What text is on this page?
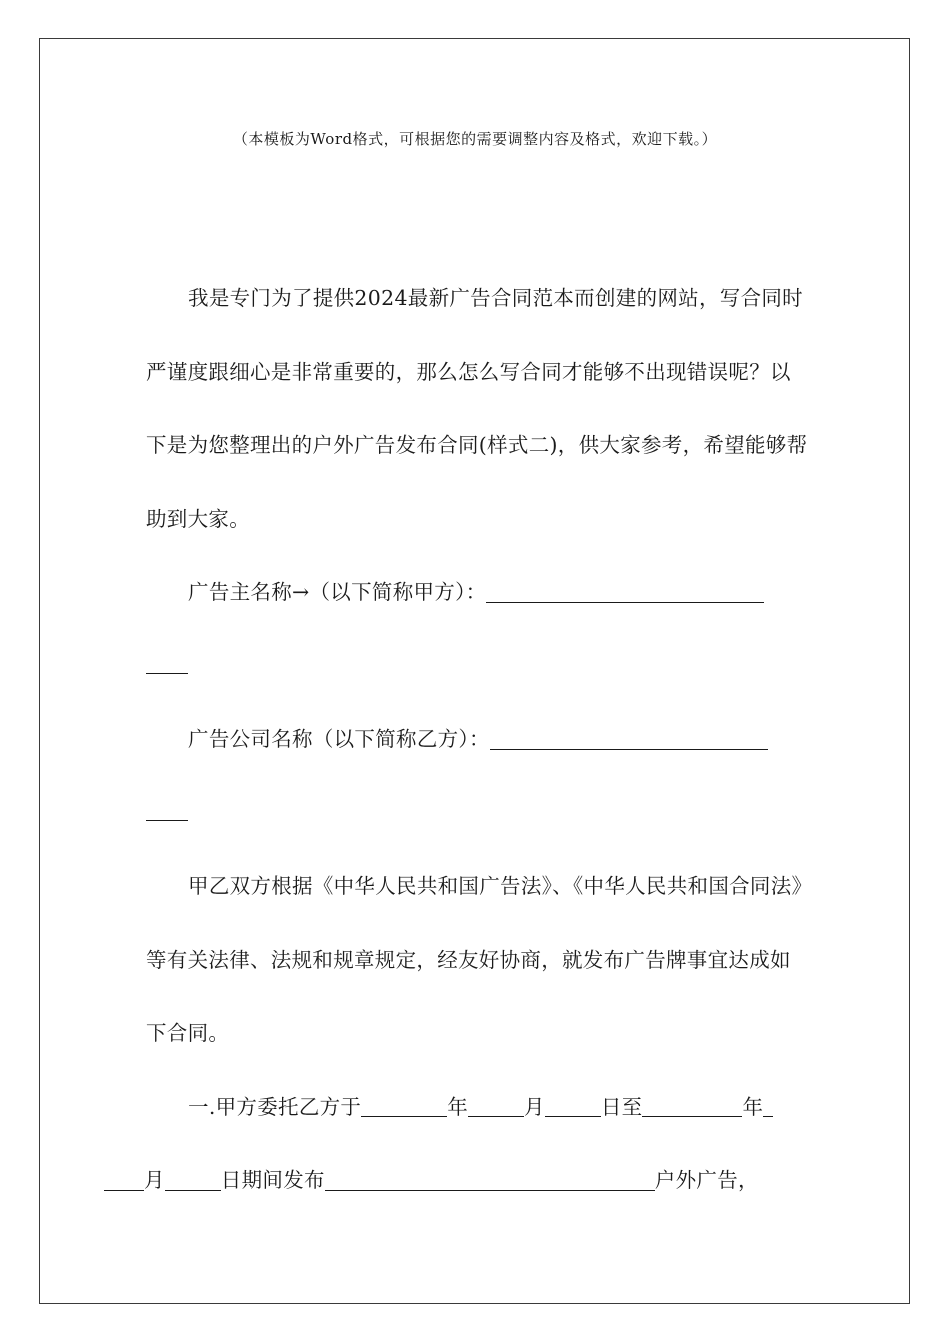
（本模板为Word格式，可根据您的需要调整内容及格式，欢迎下载。）

我是专门为了提供2024最新广告合同范本而创建的网站，写合同时严谨度跟细心是非常重要的，那么怎么写合同才能够不出现错误呢？以下是为您整理出的户外广告发布合同(样式二)，供大家参考，希望能够帮助到大家。

广告主名称→（以下简称甲方）：

广告公司名称（以下简称乙方）：

甲乙双方根据《中华人民共和国广告法》、《中华人民共和国合同法》等有关法律、法规和规章规定，经友好协商，就发布广告牌事宜达成如下合同。

一.甲方委托乙方于	年	月	日至	年
月	日期间发布	户外广告，
